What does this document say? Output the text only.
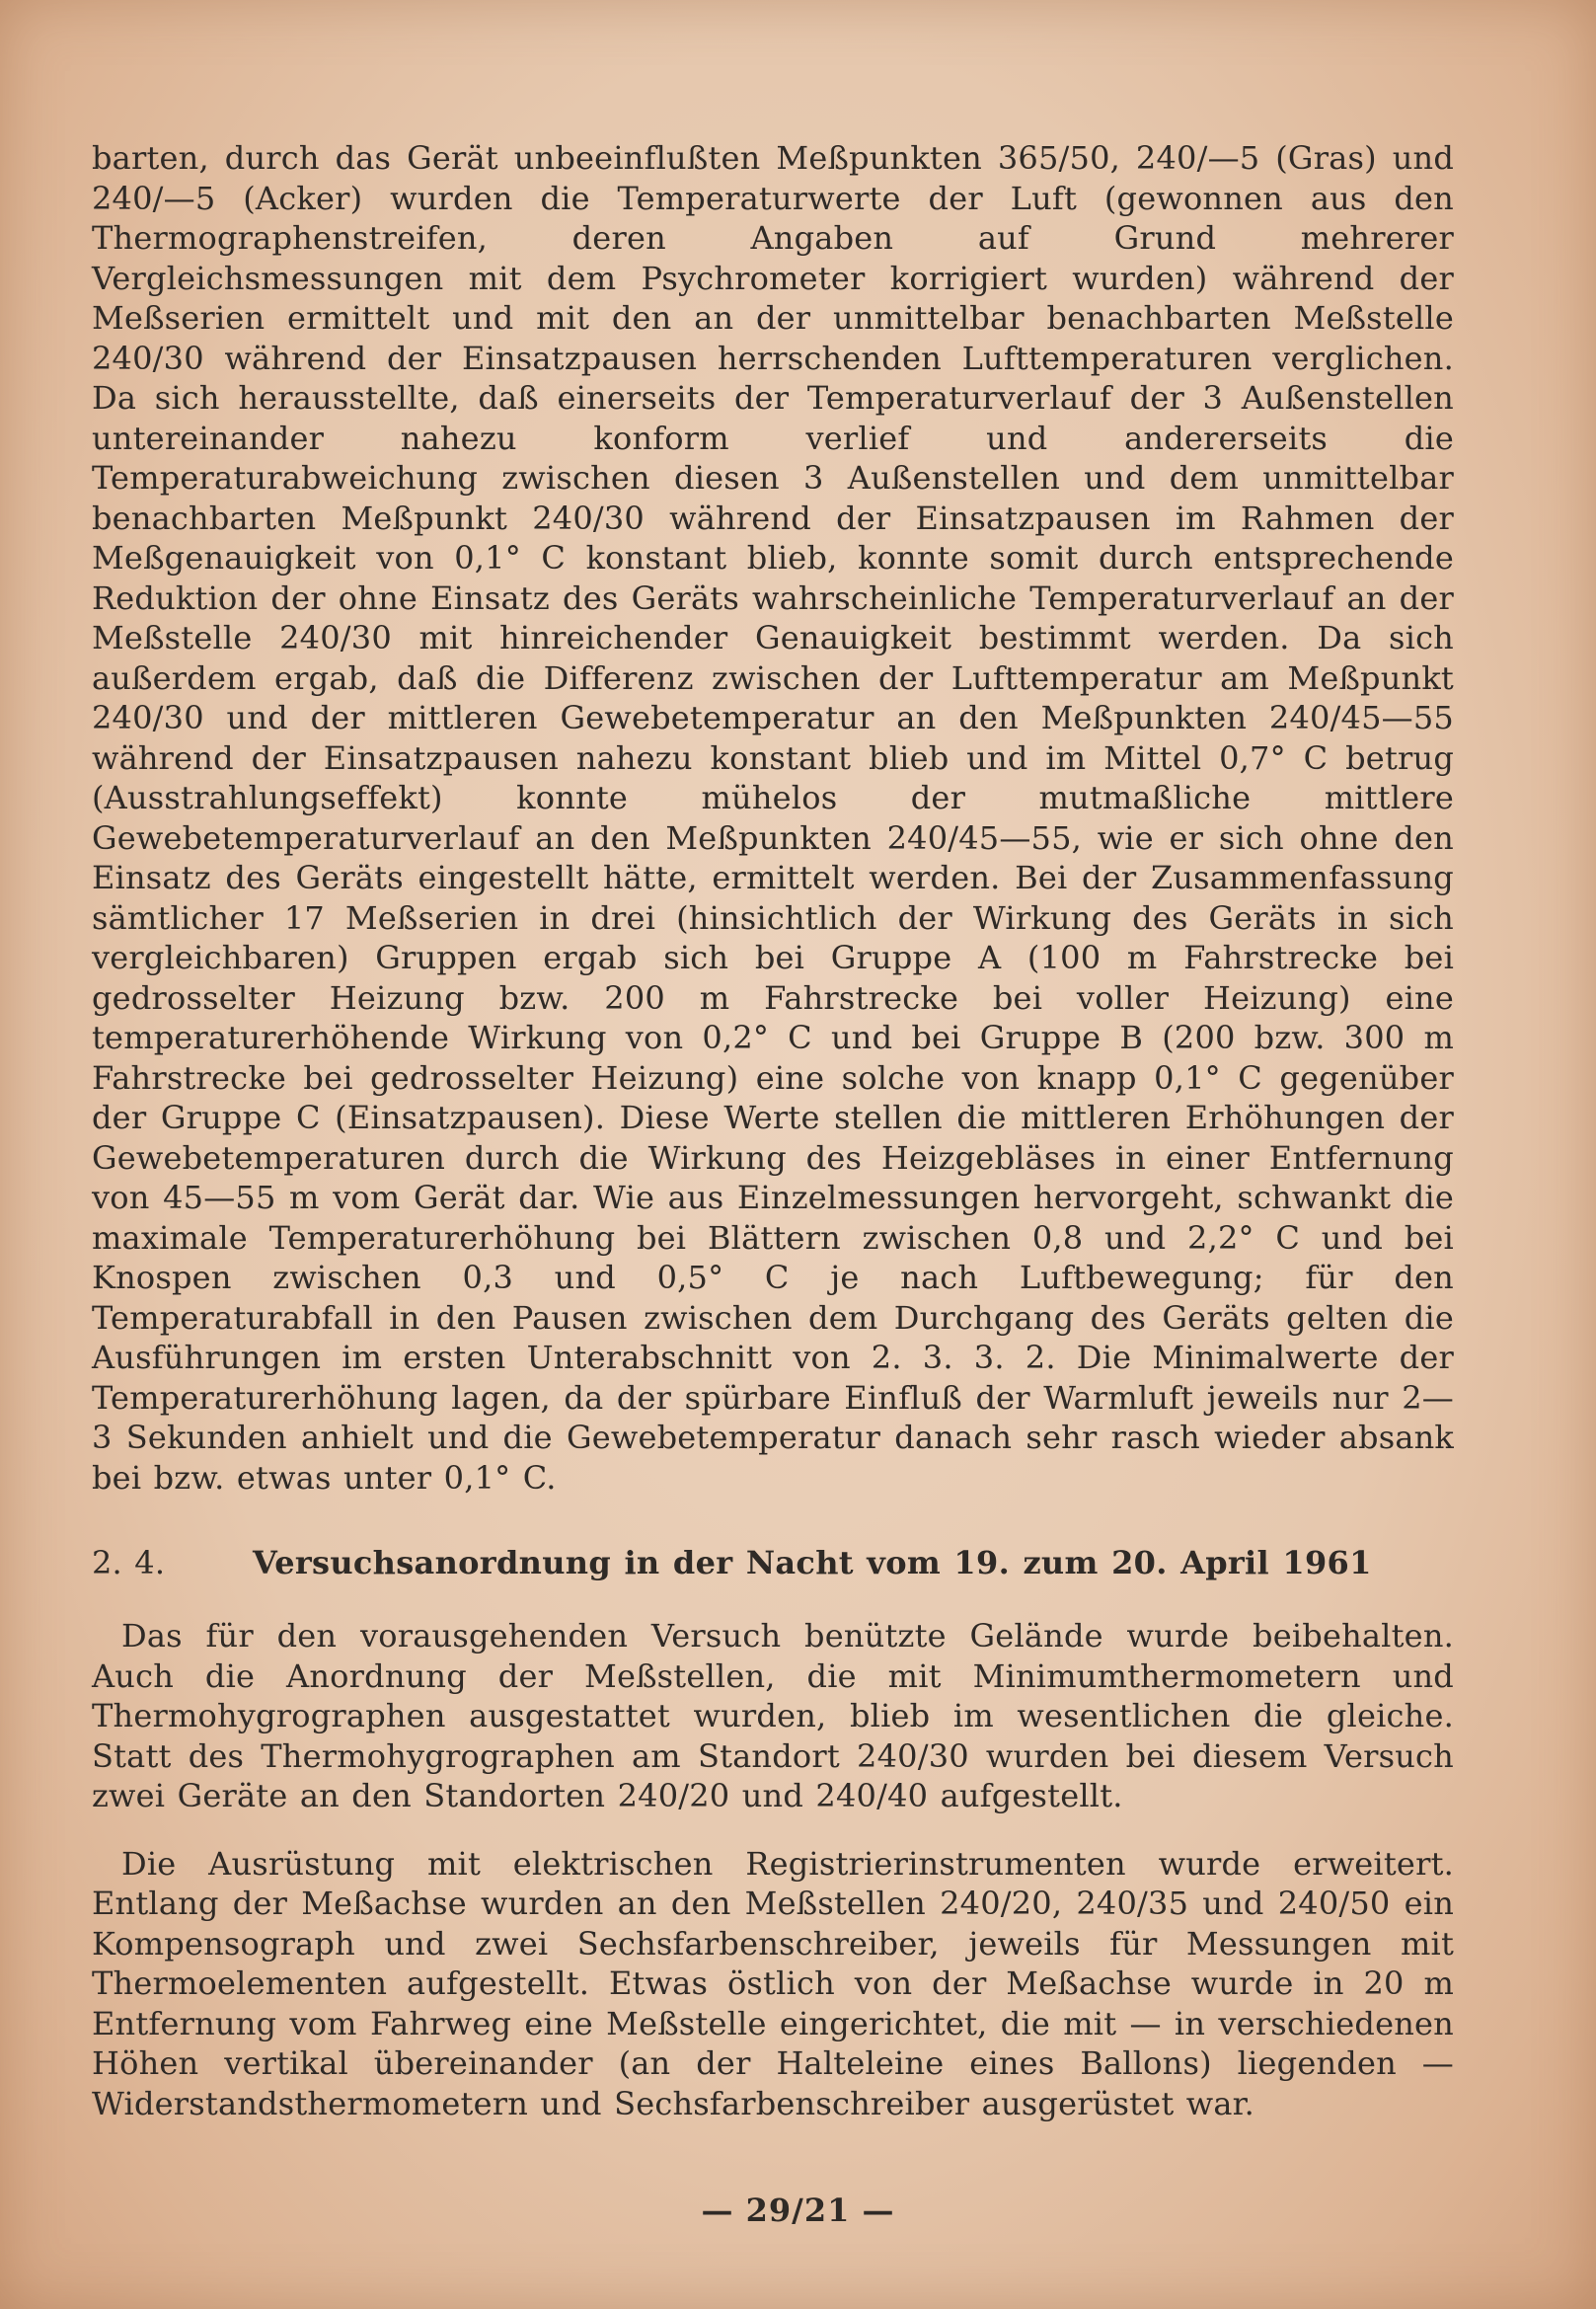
barten, durch das Gerät unbeeinflußten Meßpunkten 365/50, 240/—5 (Gras) und 240/—5 (Acker) wurden die Temperaturwerte der Luft (gewonnen aus den Thermographenstreifen, deren Angaben auf Grund mehrerer Vergleichsmessungen mit dem Psychrometer korrigiert wurden) während der Meßserien ermittelt und mit den an der unmittelbar benachbarten Meßstelle 240/30 während der Einsatzpausen herrschenden Lufttemperaturen verglichen. Da sich herausstellte, daß einerseits der Temperaturverlauf der 3 Außenstellen untereinander nahezu konform verlief und andererseits die Temperaturabweichung zwischen diesen 3 Außenstellen und dem unmittelbar benachbarten Meßpunkt 240/30 während der Einsatzpausen im Rahmen der Meßgenauigkeit von 0,1° C konstant blieb, konnte somit durch entsprechende Reduktion der ohne Einsatz des Geräts wahrscheinliche Temperaturverlauf an der Meßstelle 240/30 mit hinreichender Genauigkeit bestimmt werden. Da sich außerdem ergab, daß die Differenz zwischen der Lufttemperatur am Meßpunkt 240/30 und der mittleren Gewebetemperatur an den Meßpunkten 240/45—55 während der Einsatzpausen nahezu konstant blieb und im Mittel 0,7° C betrug (Ausstrahlungseffekt) konnte mühelos der mutmaßliche mittlere Gewebetemperaturverlauf an den Meßpunkten 240/45—55, wie er sich ohne den Einsatz des Geräts eingestellt hätte, ermittelt werden. Bei der Zusammenfassung sämtlicher 17 Meßserien in drei (hinsichtlich der Wirkung des Geräts in sich vergleichbaren) Gruppen ergab sich bei Gruppe A (100 m Fahrstrecke bei gedrosselter Heizung bzw. 200 m Fahrstrecke bei voller Heizung) eine temperaturerhöhende Wirkung von 0,2° C und bei Gruppe B (200 bzw. 300 m Fahrstrecke bei gedrosselter Heizung) eine solche von knapp 0,1° C gegenüber der Gruppe C (Einsatzpausen). Diese Werte stellen die mittleren Erhöhungen der Gewebetemperaturen durch die Wirkung des Heizgebläses in einer Entfernung von 45—55 m vom Gerät dar. Wie aus Einzelmessungen hervorgeht, schwankt die maximale Temperaturerhöhung bei Blättern zwischen 0,8 und 2,2° C und bei Knospen zwischen 0,3 und 0,5° C je nach Luftbewegung; für den Temperaturabfall in den Pausen zwischen dem Durchgang des Geräts gelten die Ausführungen im ersten Unterabschnitt von 2. 3. 3. 2. Die Minimalwerte der Temperaturerhöhung lagen, da der spürbare Einfluß der Warmluft jeweils nur 2—3 Sekunden anhielt und die Gewebetemperatur danach sehr rasch wieder absank bei bzw. etwas unter 0,1° C.

2. 4.	Versuchsanordnung in der Nacht vom 19. zum 20. April 1961

Das für den vorausgehenden Versuch benützte Gelände wurde beibehalten. Auch die Anordnung der Meßstellen, die mit Minimumthermometern und Thermohygrographen ausgestattet wurden, blieb im wesentlichen die gleiche. Statt des Thermohygrographen am Standort 240/30 wurden bei diesem Versuch zwei Geräte an den Standorten 240/20 und 240/40 aufgestellt.

Die Ausrüstung mit elektrischen Registrierinstrumenten wurde erweitert. Entlang der Meßachse wurden an den Meßstellen 240/20, 240/35 und 240/50 ein Kompensograph und zwei Sechsfarbenschreiber, jeweils für Messungen mit Thermoelementen aufgestellt. Etwas östlich von der Meßachse wurde in 20 m Entfernung vom Fahrweg eine Meßstelle eingerichtet, die mit — in verschiedenen Höhen vertikal übereinander (an der Halteleine eines Ballons) liegenden — Widerstandsthermometern und Sechsfarbenschreiber ausgerüstet war.

— 29/21 —
